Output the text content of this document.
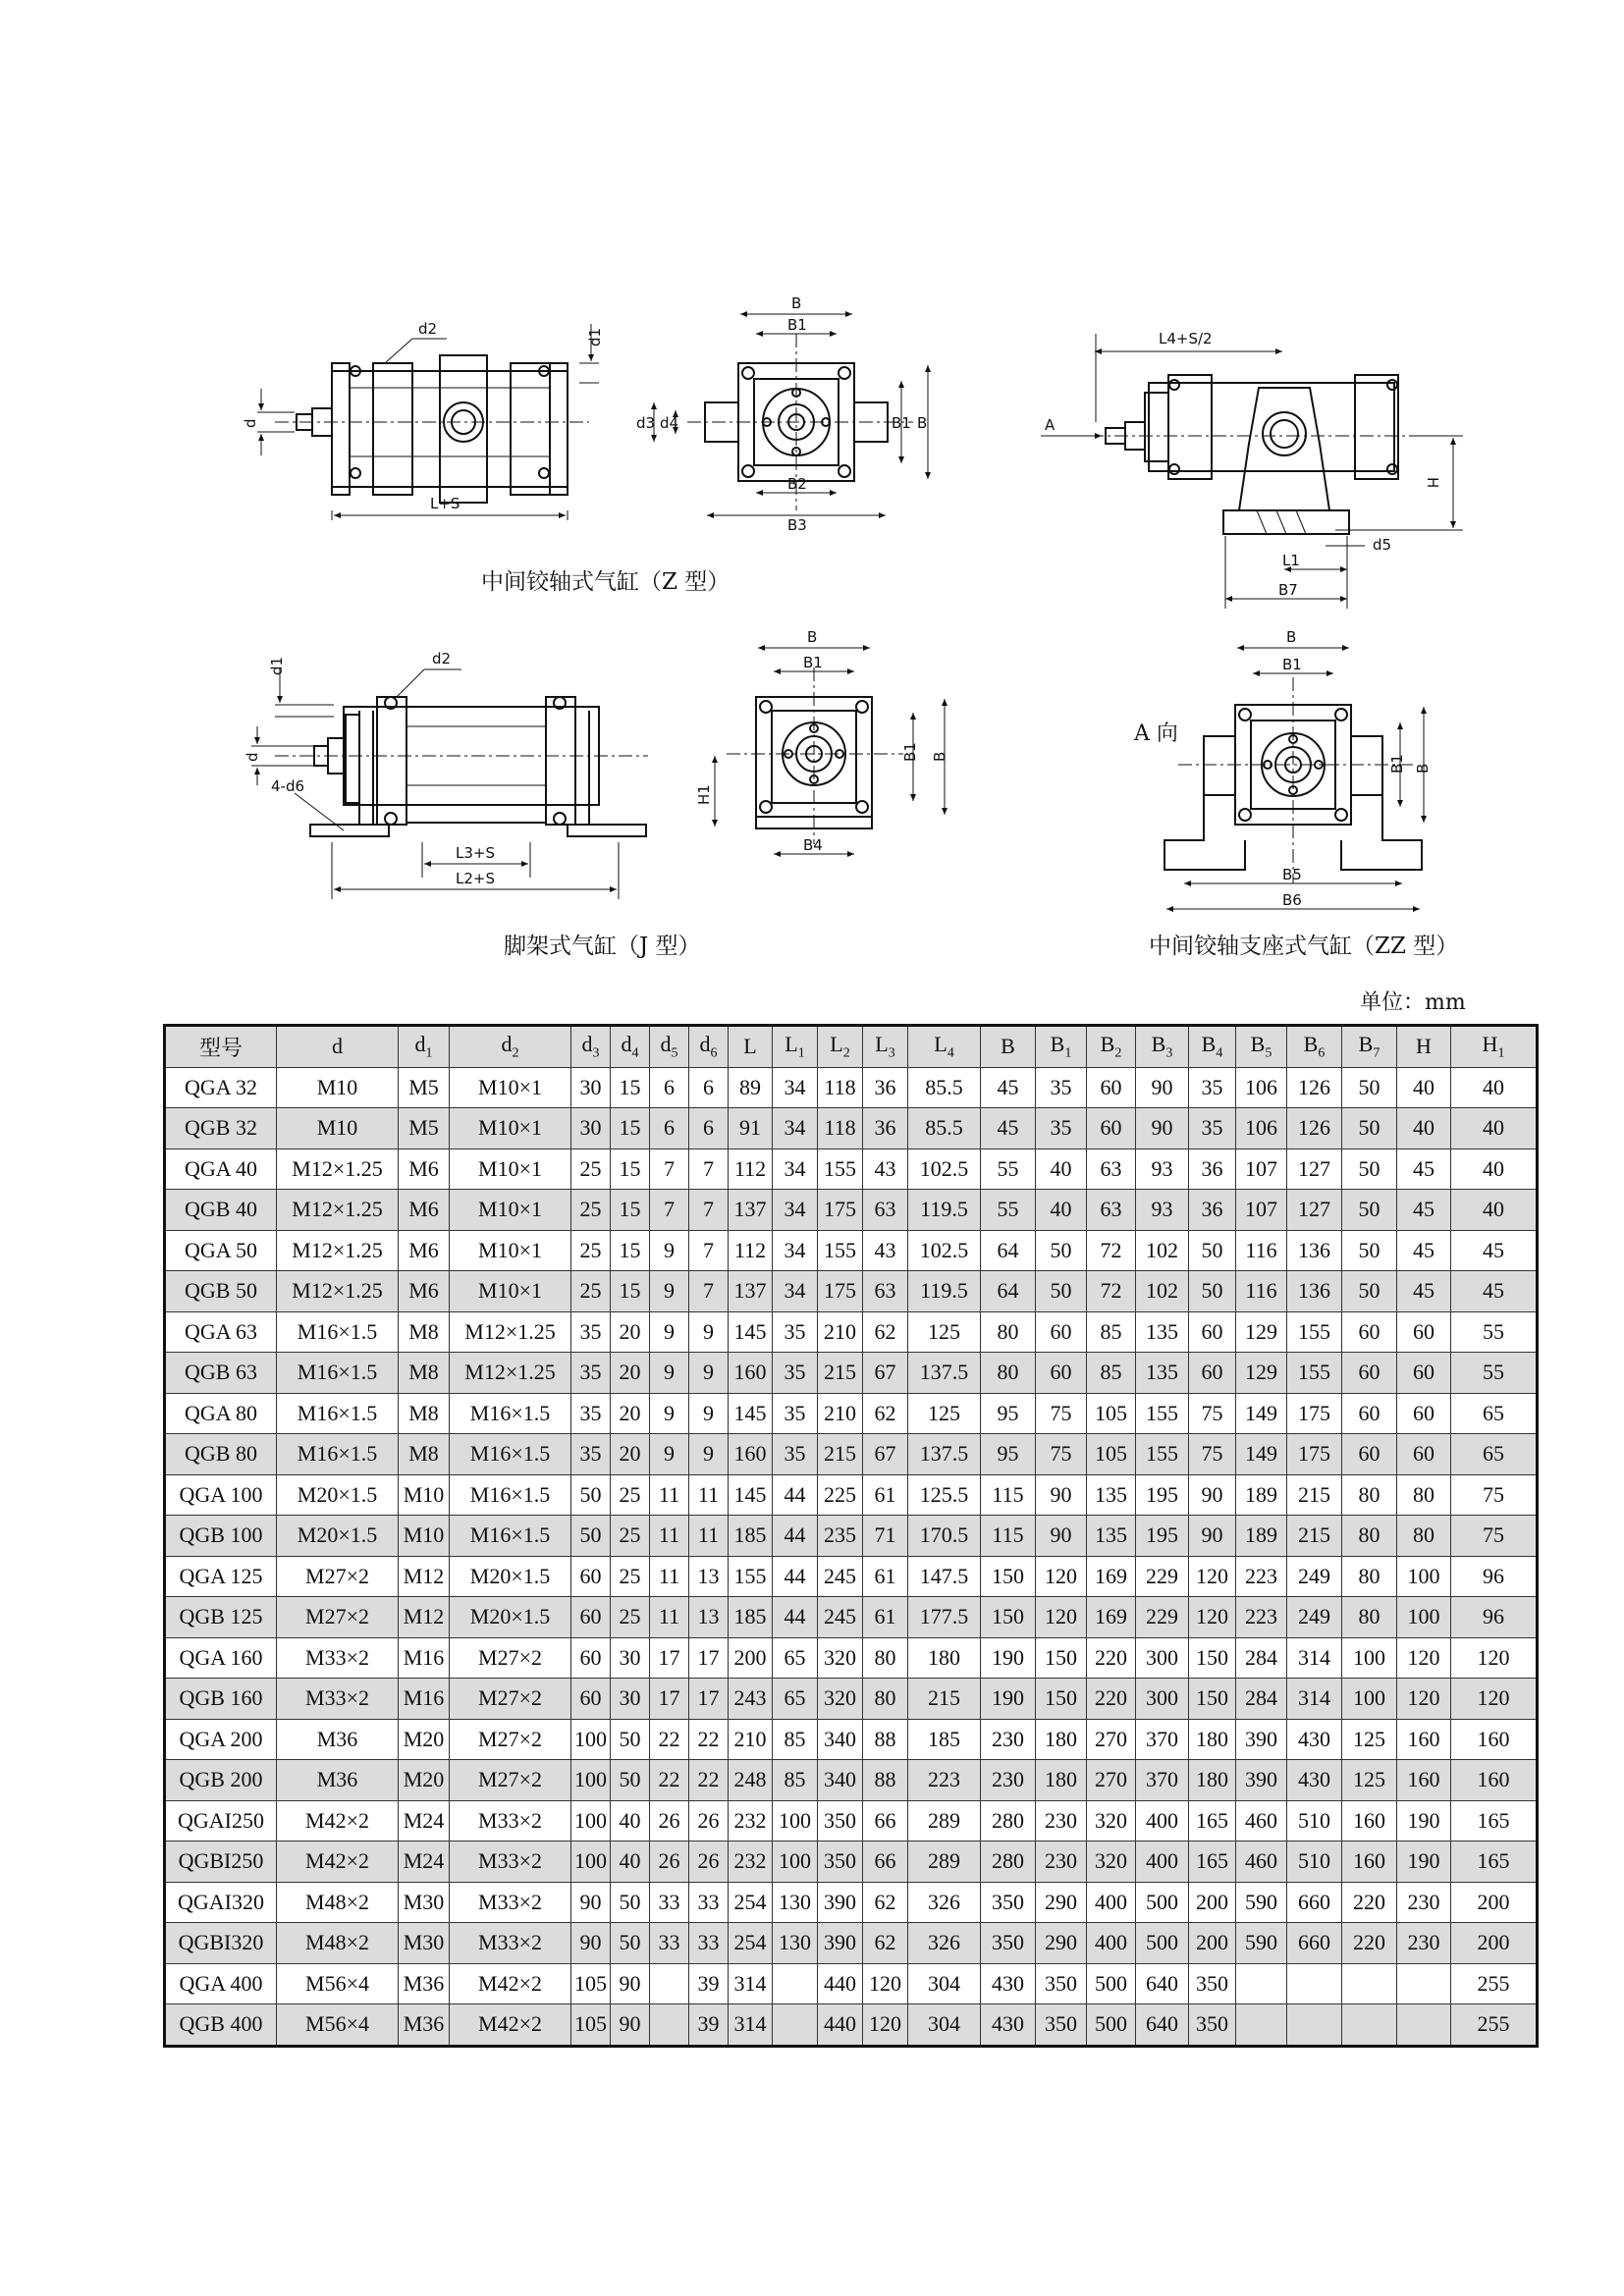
d2	d1
d
L+S
B
B1
d3 d4	B1 B
B2
B3
L4+S/2
A
H
d5
L1
B7
d1	d2
d
4-d6
L3+S
L2+S
B
B1
B1 B
H1
B4
B
B1
B1 B
B5
B6
中间铰轴式气缸（Z 型）
脚架式气缸（J 型）
A 向
中间铰轴支座式气缸（ZZ 型）
单位：mm
型号	d	$d_1$	$d_2$	$d_3$	$d_4$	$d_5$	$d_6$	L	$L_1$	$L_2$	$L_3$	$L_4$	B	$B_1$	$B_2$	$B_3$	$B_4$	$B_5$	$B_6$	$B_7$	H	$H_1$
QGA 32	M10	M5	M10×1	30	15	6	6	89	34	118	36	85.5	45	35	60	90	35	106	126	50	40	40
QGB 32	M10	M5	M10×1	30	15	6	6	91	34	118	36	85.5	45	35	60	90	35	106	126	50	40	40
QGA 40	M12×1.25	M6	M10×1	25	15	7	7	112	34	155	43	102.5	55	40	63	93	36	107	127	50	45	40
QGB 40	M12×1.25	M6	M10×1	25	15	7	7	137	34	175	63	119.5	55	40	63	93	36	107	127	50	45	40
QGA 50	M12×1.25	M6	M10×1	25	15	9	7	112	34	155	43	102.5	64	50	72	102	50	116	136	50	45	45
QGB 50	M12×1.25	M6	M10×1	25	15	9	7	137	34	175	63	119.5	64	50	72	102	50	116	136	50	45	45
QGA 63	M16×1.5	M8	M12×1.25	35	20	9	9	145	35	210	62	125	80	60	85	135	60	129	155	60	60	55
QGB 63	M16×1.5	M8	M12×1.25	35	20	9	9	160	35	215	67	137.5	80	60	85	135	60	129	155	60	60	55
QGA 80	M16×1.5	M8	M16×1.5	35	20	9	9	145	35	210	62	125	95	75	105	155	75	149	175	60	60	65
QGB 80	M16×1.5	M8	M16×1.5	35	20	9	9	160	35	215	67	137.5	95	75	105	155	75	149	175	60	60	65
QGA 100	M20×1.5	M10	M16×1.5	50	25	11	11	145	44	225	61	125.5	115	90	135	195	90	189	215	80	80	75
QGB 100	M20×1.5	M10	M16×1.5	50	25	11	11	185	44	235	71	170.5	115	90	135	195	90	189	215	80	80	75
QGA 125	M27×2	M12	M20×1.5	60	25	11	13	155	44	245	61	147.5	150	120	169	229	120	223	249	80	100	96
QGB 125	M27×2	M12	M20×1.5	60	25	11	13	185	44	245	61	177.5	150	120	169	229	120	223	249	80	100	96
QGA 160	M33×2	M16	M27×2	60	30	17	17	200	65	320	80	180	190	150	220	300	150	284	314	100	120	120
QGB 160	M33×2	M16	M27×2	60	30	17	17	243	65	320	80	215	190	150	220	300	150	284	314	100	120	120
QGA 200	M36	M20	M27×2	100	50	22	22	210	85	340	88	185	230	180	270	370	180	390	430	125	160	160
QGB 200	M36	M20	M27×2	100	50	22	22	248	85	340	88	223	230	180	270	370	180	390	430	125	160	160
QGAI250	M42×2	M24	M33×2	100	40	26	26	232	100	350	66	289	280	230	320	400	165	460	510	160	190	165
QGBI250	M42×2	M24	M33×2	100	40	26	26	232	100	350	66	289	280	230	320	400	165	460	510	160	190	165
QGAI320	M48×2	M30	M33×2	90	50	33	33	254	130	390	62	326	350	290	400	500	200	590	660	220	230	200
QGBI320	M48×2	M30	M33×2	90	50	33	33	254	130	390	62	326	350	290	400	500	200	590	660	220	230	200
QGA 400	M56×4	M36	M42×2	105	90		39	314		440	120	304	430	350	500	640	350					255
QGB 400	M56×4	M36	M42×2	105	90		39	314		440	120	304	430	350	500	640	350					255
